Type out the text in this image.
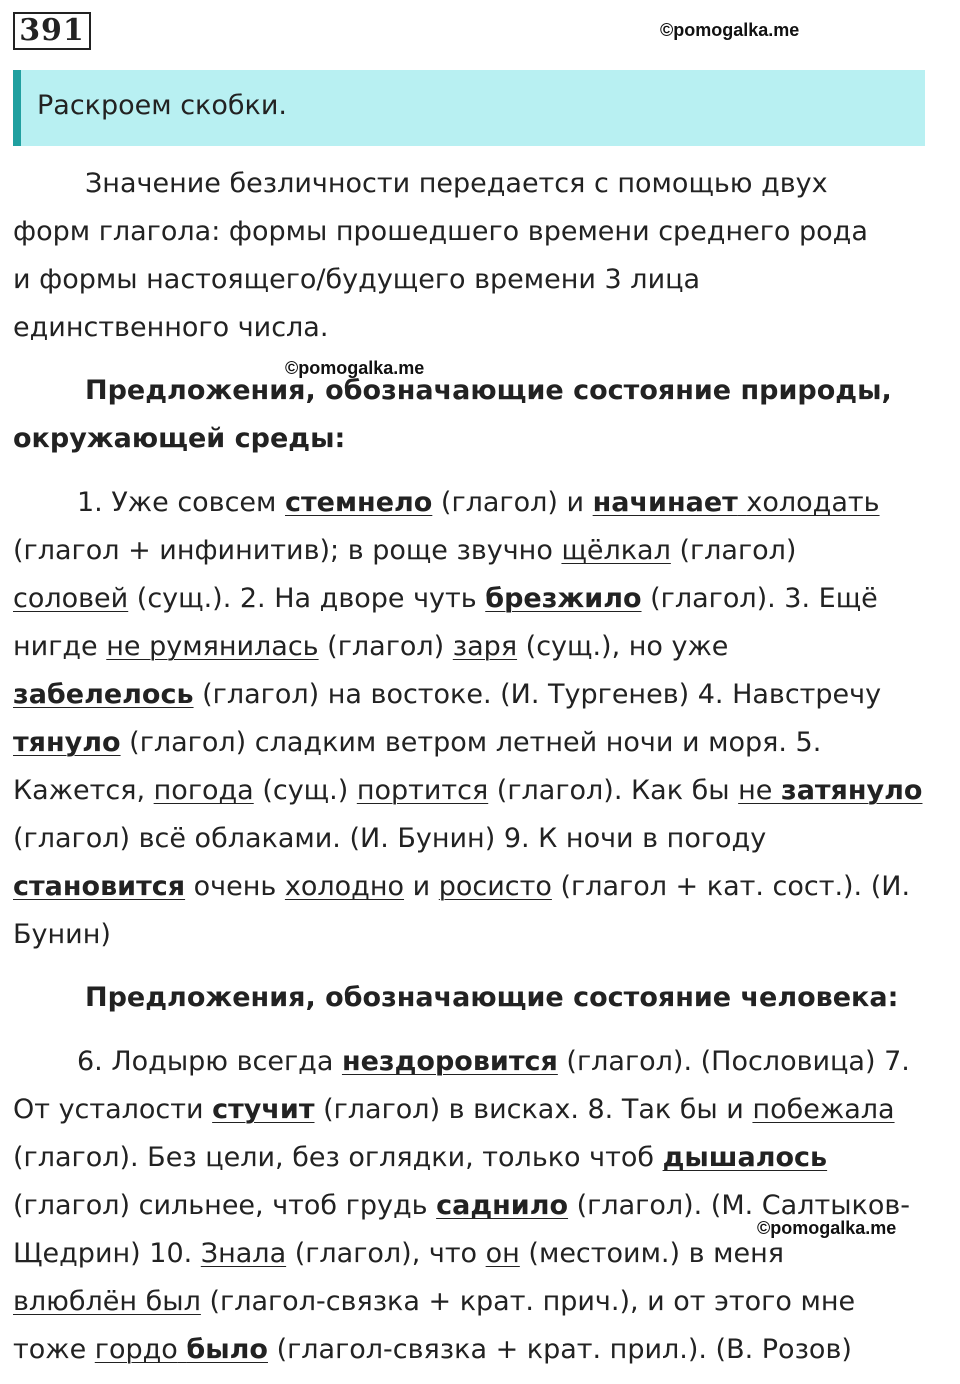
391	©pomogalka.me
Раскроем скобки.
Значение безличности передается с помощью двух
форм глагола: формы прошедшего времени среднего рода
и формы настоящего/будущего времени 3 лица
единственного числа.
©pomogalka.me
Предложения, обозначающие состояние природы,
окружающей среды:
1. Уже совсем стемнело (глагол) и начинает холодать
(глагол + инфинитив); в роще звучно щёлкал (глагол)
соловей (сущ.). 2. На дворе чуть брезжило (глагол). 3. Ещё
нигде не румянилась (глагол) заря (сущ.), но уже
забелелось (глагол) на востоке. (И. Тургенев) 4. Навстречу
тянуло (глагол) сладким ветром летней ночи и моря. 5.
Кажется, погода (сущ.) портится (глагол). Как бы не затянуло
(глагол) всё облаками. (И. Бунин) 9. К ночи в погоду
становится очень холодно и росисто (глагол + кат. сост.). (И.
Бунин)
Предложения, обозначающие состояние человека:
6. Лодырю всегда нездоровится (глагол). (Пословица) 7.
От усталости стучит (глагол) в висках. 8. Так бы и побежала
(глагол). Без цели, без оглядки, только чтоб дышалось
(глагол) сильнее, чтоб грудь саднило (глагол). (М. Салтыков-
Щедрин) 10. Знала (глагол), что он (местоим.) в меня
влюблён был (глагол-связка + крат. прич.), и от этого мне
тоже гордо было (глагол-связка + крат. прил.). (В. Розов)
©pomogalka.me
